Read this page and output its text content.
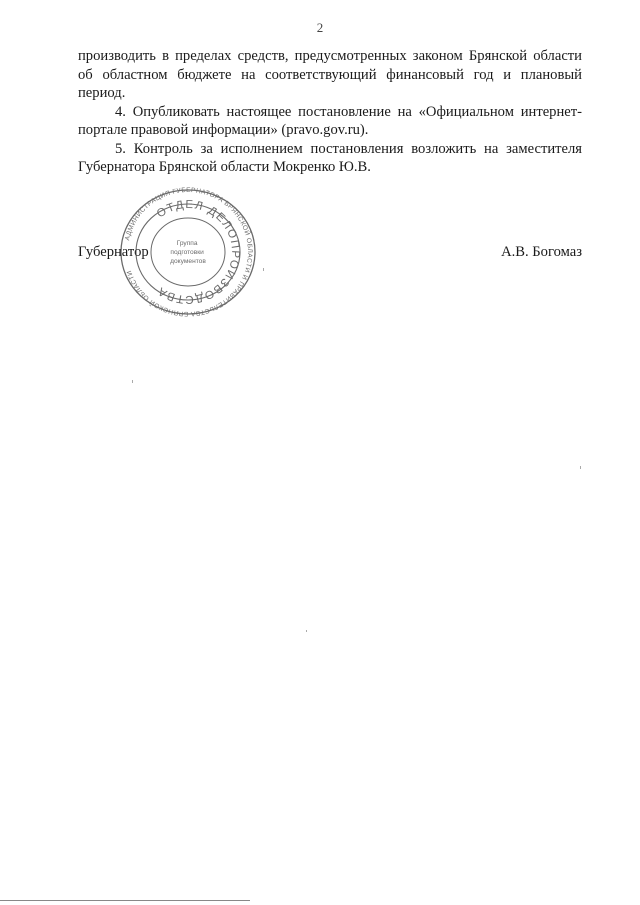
2

производить в пределах средств, предусмотренных законом Брянской области об областном бюджете на соответствующий финансовый год и плановый период.

4. Опубликовать настоящее постановление на «Официальном интернет-портале правовой информации» (pravo.gov.ru).

5. Контроль за исполнением постановления возложить на заместителя Губернатора Брянской области Мокренко Ю.В.

Губернатор	А.В. Богомаз
АДМИНИСТРАЦИЯ ГУБЕРНАТОРА БРЯНСКОЙ ОБЛАСТИ И ПРАВИТЕЛЬСТВА БРЯНСКОЙ ОБЛАСТИ
ОТДЕЛ ДЕЛОПРОИЗВОДСТВА
Группа подготовки документов
